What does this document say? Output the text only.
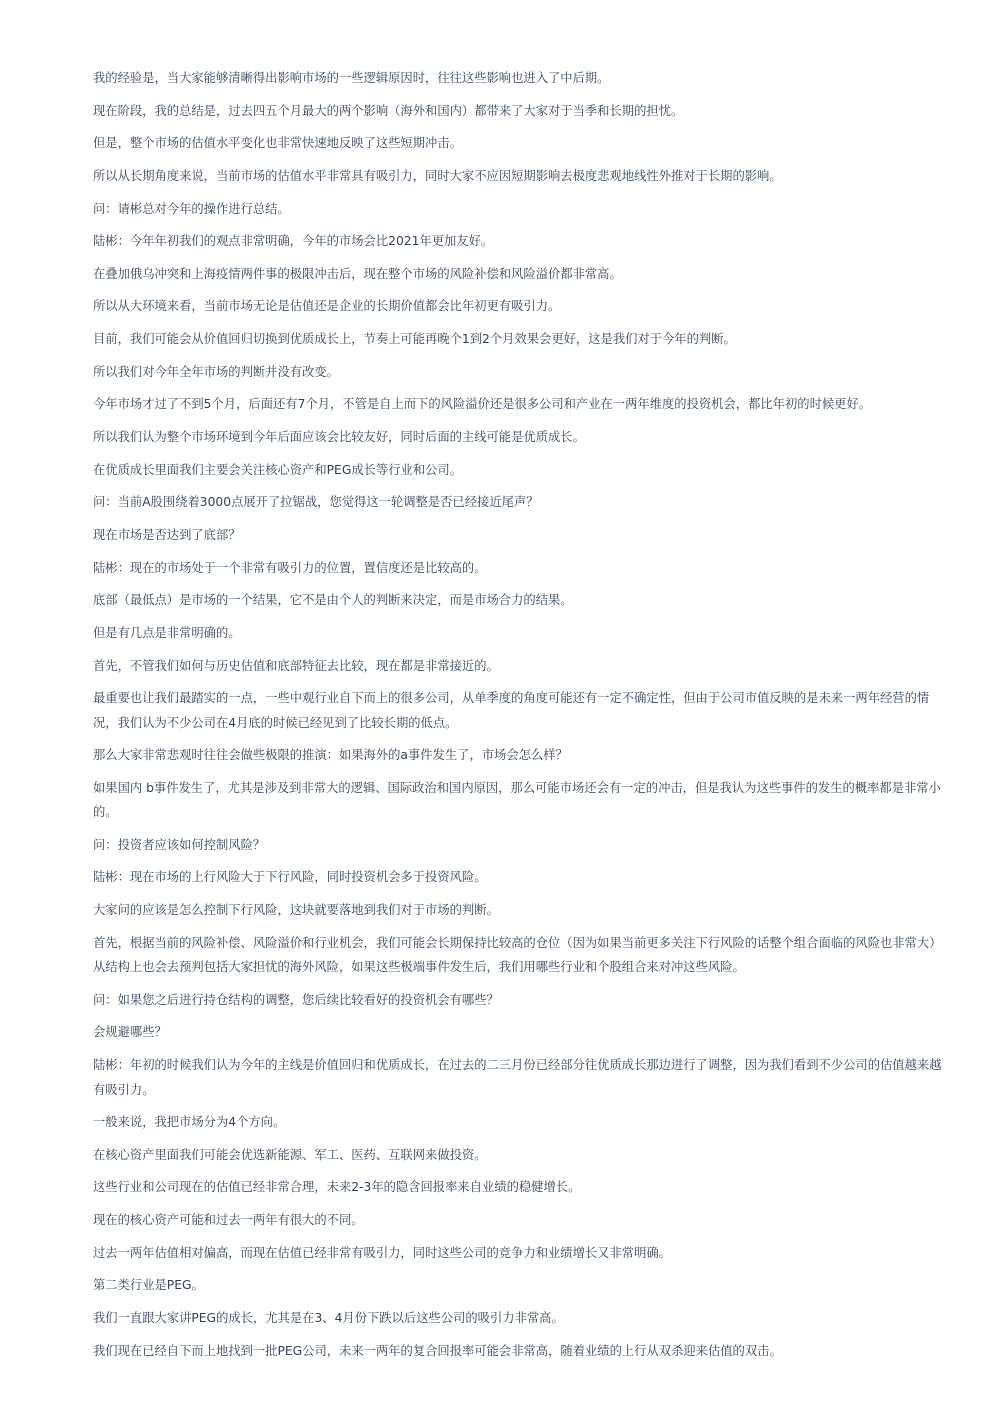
我的经验是，当大家能够清晰得出影响市场的一些逻辑原因时，往往这些影响也进入了中后期。

现在阶段，我的总结是，过去四五个月最大的两个影响（海外和国内）都带来了大家对于当季和长期的担忧。

但是，整个市场的估值水平变化也非常快速地反映了这些短期冲击。

所以从长期角度来说，当前市场的估值水平非常具有吸引力，同时大家不应因短期影响去极度悲观地线性外推对于长期的影响。

问：请彬总对今年的操作进行总结。

陆彬：今年年初我们的观点非常明确，今年的市场会比2021年更加友好。

在叠加俄乌冲突和上海疫情两件事的极限冲击后，现在整个市场的风险补偿和风险溢价都非常高。

所以从大环境来看，当前市场无论是估值还是企业的长期价值都会比年初更有吸引力。

目前，我们可能会从价值回归切换到优质成长上，节奏上可能再晚个1到2个月效果会更好，这是我们对于今年的判断。

所以我们对今年全年市场的判断并没有改变。

今年市场才过了不到5个月，后面还有7个月，不管是自上而下的风险溢价还是很多公司和产业在一两年维度的投资机会，都比年初的时候更好。

所以我们认为整个市场环境到今年后面应该会比较友好，同时后面的主线可能是优质成长。

在优质成长里面我们主要会关注核心资产和PEG成长等行业和公司。

问：当前A股围绕着3000点展开了拉锯战，您觉得这一轮调整是否已经接近尾声？

现在市场是否达到了底部？

陆彬：现在的市场处于一个非常有吸引力的位置，置信度还是比较高的。

底部（最低点）是市场的一个结果，它不是由个人的判断来决定，而是市场合力的结果。

但是有几点是非常明确的。

首先，不管我们如何与历史估值和底部特征去比较，现在都是非常接近的。

最重要也让我们最踏实的一点，一些中观行业自下而上的很多公司，从单季度的角度可能还有一定不确定性，但由于公司市值反映的是未来一两年经营的情况，我们认为不少公司在4月底的时候已经见到了比较长期的低点。

那么大家非常悲观时往往会做些极限的推演：如果海外的a事件发生了，市场会怎么样？

如果国内 b事件发生了，尤其是涉及到非常大的逻辑、国际政治和国内原因，那么可能市场还会有一定的冲击，但是我认为这些事件的发生的概率都是非常小的。

问：投资者应该如何控制风险？

陆彬：现在市场的上行风险大于下行风险，同时投资机会多于投资风险。

大家问的应该是怎么控制下行风险，这块就要落地到我们对于市场的判断。

首先，根据当前的风险补偿、风险溢价和行业机会，我们可能会长期保持比较高的仓位（因为如果当前更多关注下行风险的话整个组合面临的风险也非常大）从结构上也会去预判包括大家担忧的海外风险，如果这些极端事件发生后，我们用哪些行业和个股组合来对冲这些风险。

问：如果您之后进行持仓结构的调整，您后续比较看好的投资机会有哪些？

会规避哪些？

陆彬：年初的时候我们认为今年的主线是价值回归和优质成长，在过去的二三月份已经部分往优质成长那边进行了调整，因为我们看到不少公司的估值越来越有吸引力。

一般来说，我把市场分为4个方向。

在核心资产里面我们可能会优选新能源、军工、医药、互联网来做投资。

这些行业和公司现在的估值已经非常合理，未来2-3年的隐含回报率来自业绩的稳健增长。

现在的核心资产可能和过去一两年有很大的不同。

过去一两年估值相对偏高，而现在估值已经非常有吸引力，同时这些公司的竞争力和业绩增长又非常明确。

第二类行业是PEG。

我们一直跟大家讲PEG的成长，尤其是在3、4月份下跌以后这些公司的吸引力非常高。

我们现在已经自下而上地找到一批PEG公司，未来一两年的复合回报率可能会非常高，随着业绩的上行从双杀迎来估值的双击。
